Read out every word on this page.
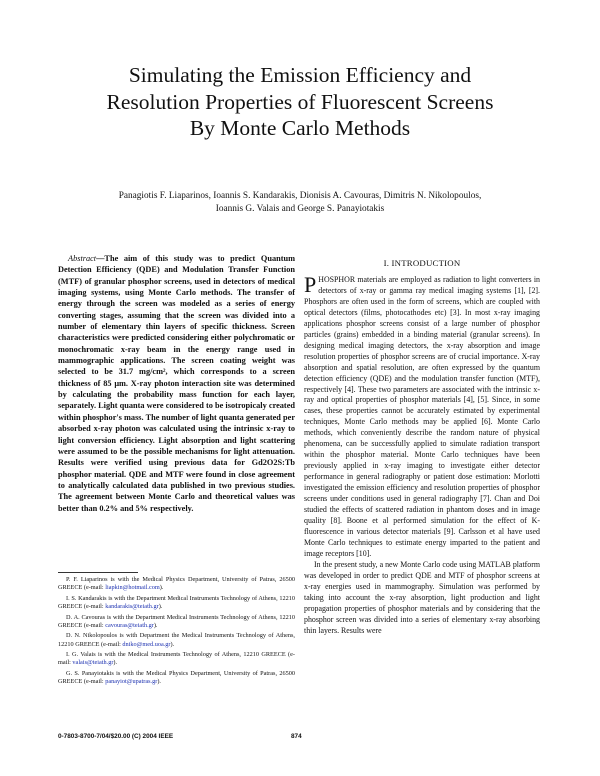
Simulating the Emission Efficiency and
Resolution Properties of Fluorescent Screens
By Monte Carlo Methods
Panagiotis F. Liaparinos, Ioannis S. Kandarakis, Dionisis A. Cavouras, Dimitris N. Nikolopoulos,
Ioannis G. Valais and George S. Panayiotakis

Abstract—The aim of this study was to predict Quantum Detection Efficiency (QDE) and Modulation Transfer Function (MTF) of granular phosphor screens, used in detectors of medical imaging systems, using Monte Carlo methods. The transfer of energy through the screen was modeled as a series of energy converting stages, assuming that the screen was divided into a number of elementary thin layers of specific thickness. Screen characteristics were predicted considering either polychromatic or monochromatic x-ray beam in the energy range used in mammographic applications. The screen coating weight was selected to be 31.7 mg/cm², which corresponds to a screen thickness of 85 μm. X-ray photon interaction site was determined by calculating the probability mass function for each layer, separately. Light quanta were considered to be isotropicaly created within phosphor's mass. The number of light quanta generated per absorbed x-ray photon was calculated using the intrinsic x-ray to light conversion efficiency. Light absorption and light scattering were assumed to be the possible mechanisms for light attenuation. Results were verified using previous data for Gd2O2S:Tb phosphor material. QDE and MTF were found in close agreement to analytically calculated data published in two previous studies. The agreement between Monte Carlo and theoretical values was better than 0.2% and 5% respectively.

P. F. Liaparinos is with the Medical Physics Department, University of Patras, 26500 GREECE (e-mail: liapkin@hotmail.com).

I. S. Kandarakis is with the Department Medical Instruments Technology of Athens, 12210 GREECE (e-mail: kandarakis@teiath.gr).

D. A. Cavouras is with the Department Medical Instruments Technology of Athens, 12210 GREECE (e-mail: cavouras@teiath.gr).

D. N. Nikolopoulos is with Department the Medical Instruments Technology of Athens, 12210 GREECE (e-mail: dniko@med.uoa.gr).

I. G. Valais is with the Medical Instruments Technology of Athens, 12210 GREECE (e-mail: valais@teiath.gr).

G. S. Panayiotakis is with the Medical Physics Department, University of Patras, 26500 GREECE (e-mail: panayiot@upatras.gr).

I. INTRODUCTION

PHOSPHOR materials are employed as radiation to light converters in detectors of x-ray or gamma ray medical imaging systems [1], [2]. Phosphors are often used in the form of screens, which are coupled with optical detectors (films, photocathodes etc) [3]. In most x-ray imaging applications phosphor screens consist of a large number of phosphor particles (grains) embedded in a binding material (granular screens). In designing medical imaging detectors, the x-ray absorption and image resolution properties of phosphor screens are of crucial importance. X-ray absorption and spatial resolution, are often expressed by the quantum detection efficiency (QDE) and the modulation transfer function (MTF), respectively [4]. These two parameters are associated with the intrinsic x-ray and optical properties of phosphor materials [4], [5]. Since, in some cases, these properties cannot be accurately estimated by experimental techniques, Monte Carlo methods may be applied [6]. Monte Carlo methods, which conveniently describe the random nature of physical phenomena, can be successfully applied to simulate radiation transport within the phosphor material. Monte Carlo techniques have been previously applied in x-ray imaging to investigate either detector performance in general radiography or patient dose estimation: Morlotti investigated the emission efficiency and resolution properties of phosphor screens under conditions used in general radiography [7]. Chan and Doi studied the effects of scattered radiation in phantom doses and in image quality [8]. Boone et al performed simulation for the effect of K-fluorescence in various detector materials [9]. Carlsson et al have used Monte Carlo techniques to estimate energy imparted to the patient and image receptors [10].

In the present study, a new Monte Carlo code using MATLAB platform was developed in order to predict QDE and MTF of phosphor screens at x-ray energies used in mammography. Simulation was performed by taking into account the x-ray absorption, light production and light propagation properties of phosphor materials and by considering that the phosphor screen was divided into a series of elementary x-ray absorbing thin layers. Results were

0-7803-8700-7/04/$20.00 (C) 2004 IEEE	874
